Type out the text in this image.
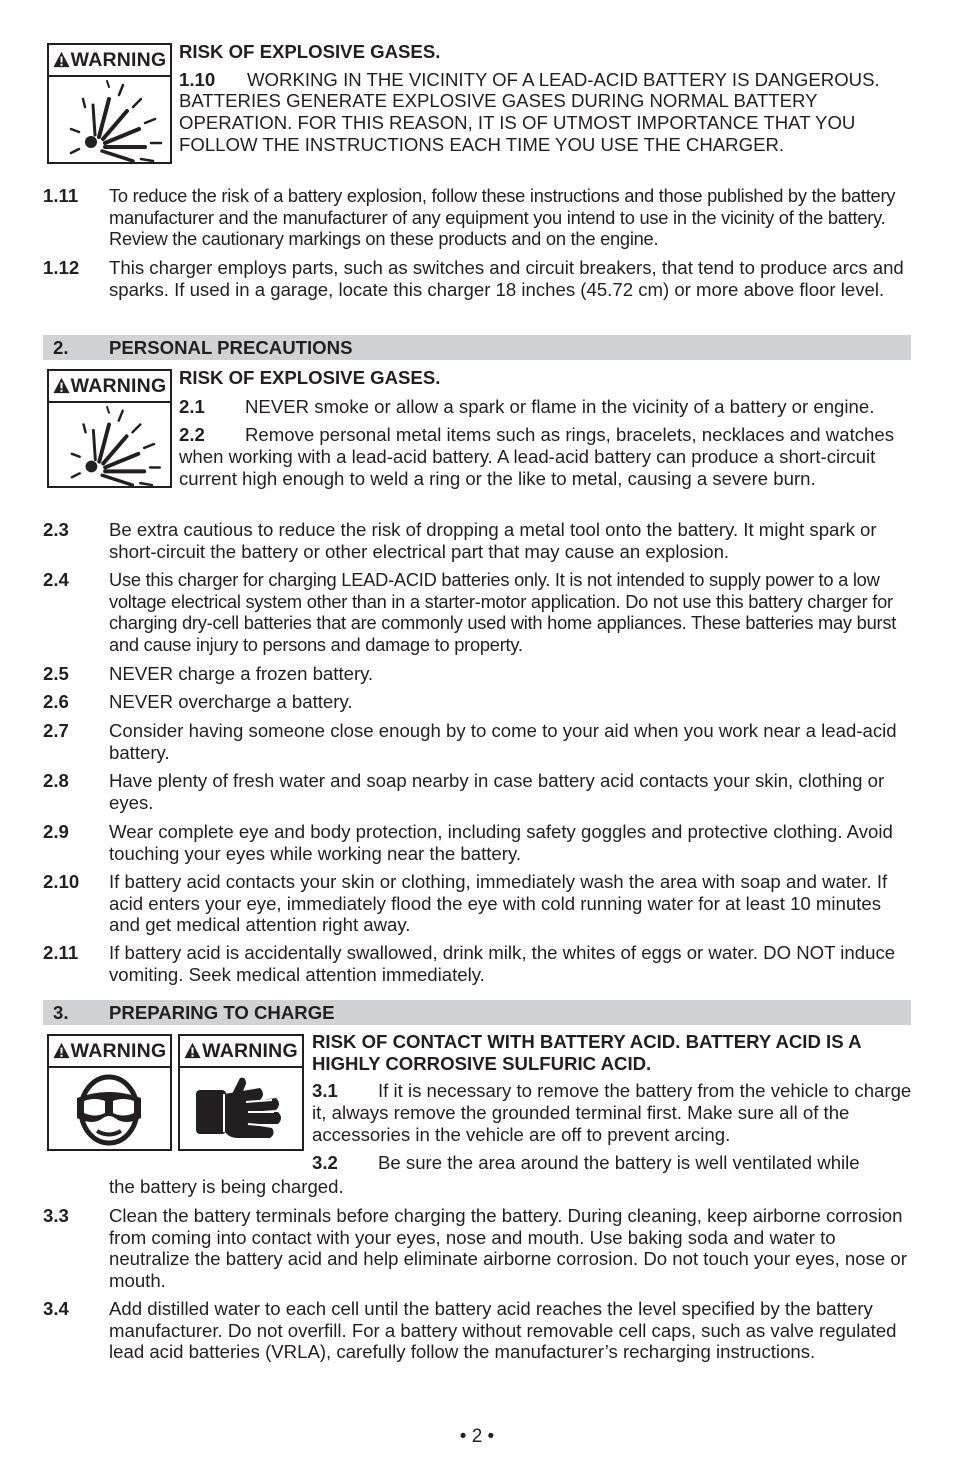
WARNING RISK OF EXPLOSIVE GASES.
1.10 WORKING IN THE VICINITY OF A LEAD-ACID BATTERY IS DANGEROUS. BATTERIES GENERATE EXPLOSIVE GASES DURING NORMAL BATTERY OPERATION. FOR THIS REASON, IT IS OF UTMOST IMPORTANCE THAT YOU FOLLOW THE INSTRUCTIONS EACH TIME YOU USE THE CHARGER.
1.11 To reduce the risk of a battery explosion, follow these instructions and those published by the battery manufacturer and the manufacturer of any equipment you intend to use in the vicinity of the battery. Review the cautionary markings on these products and on the engine.
1.12 This charger employs parts, such as switches and circuit breakers, that tend to produce arcs and sparks. If used in a garage, locate this charger 18 inches (45.72 cm) or more above floor level.
2. PERSONAL PRECAUTIONS
WARNING RISK OF EXPLOSIVE GASES.
2.1 NEVER smoke or allow a spark or flame in the vicinity of a battery or engine.
2.2 Remove personal metal items such as rings, bracelets, necklaces and watches when working with a lead-acid battery. A lead-acid battery can produce a short-circuit current high enough to weld a ring or the like to metal, causing a severe burn.
2.3 Be extra cautious to reduce the risk of dropping a metal tool onto the battery. It might spark or short-circuit the battery or other electrical part that may cause an explosion.
2.4 Use this charger for charging LEAD-ACID batteries only. It is not intended to supply power to a low voltage electrical system other than in a starter-motor application. Do not use this battery charger for charging dry-cell batteries that are commonly used with home appliances. These batteries may burst and cause injury to persons and damage to property.
2.5 NEVER charge a frozen battery.
2.6 NEVER overcharge a battery.
2.7 Consider having someone close enough by to come to your aid when you work near a lead-acid battery.
2.8 Have plenty of fresh water and soap nearby in case battery acid contacts your skin, clothing or eyes.
2.9 Wear complete eye and body protection, including safety goggles and protective clothing. Avoid touching your eyes while working near the battery.
2.10 If battery acid contacts your skin or clothing, immediately wash the area with soap and water. If acid enters your eye, immediately flood the eye with cold running water for at least 10 minutes and get medical attention right away.
2.11 If battery acid is accidentally swallowed, drink milk, the whites of eggs or water. DO NOT induce vomiting. Seek medical attention immediately.
3. PREPARING TO CHARGE
WARNING	WARNING RISK OF CONTACT WITH BATTERY ACID. BATTERY ACID IS A HIGHLY CORROSIVE SULFURIC ACID.
3.1 If it is necessary to remove the battery from the vehicle to charge it, always remove the grounded terminal first. Make sure all of the accessories in the vehicle are off to prevent arcing.
3.2 Be sure the area around the battery is well ventilated while
the battery is being charged.
3.3 Clean the battery terminals before charging the battery. During cleaning, keep airborne corrosion from coming into contact with your eyes, nose and mouth. Use baking soda and water to neutralize the battery acid and help eliminate airborne corrosion. Do not touch your eyes, nose or mouth.
3.4 Add distilled water to each cell until the battery acid reaches the level specified by the battery manufacturer. Do not overfill. For a battery without removable cell caps, such as valve regulated lead acid batteries (VRLA), carefully follow the manufacturer’s recharging instructions.
• 2 •
